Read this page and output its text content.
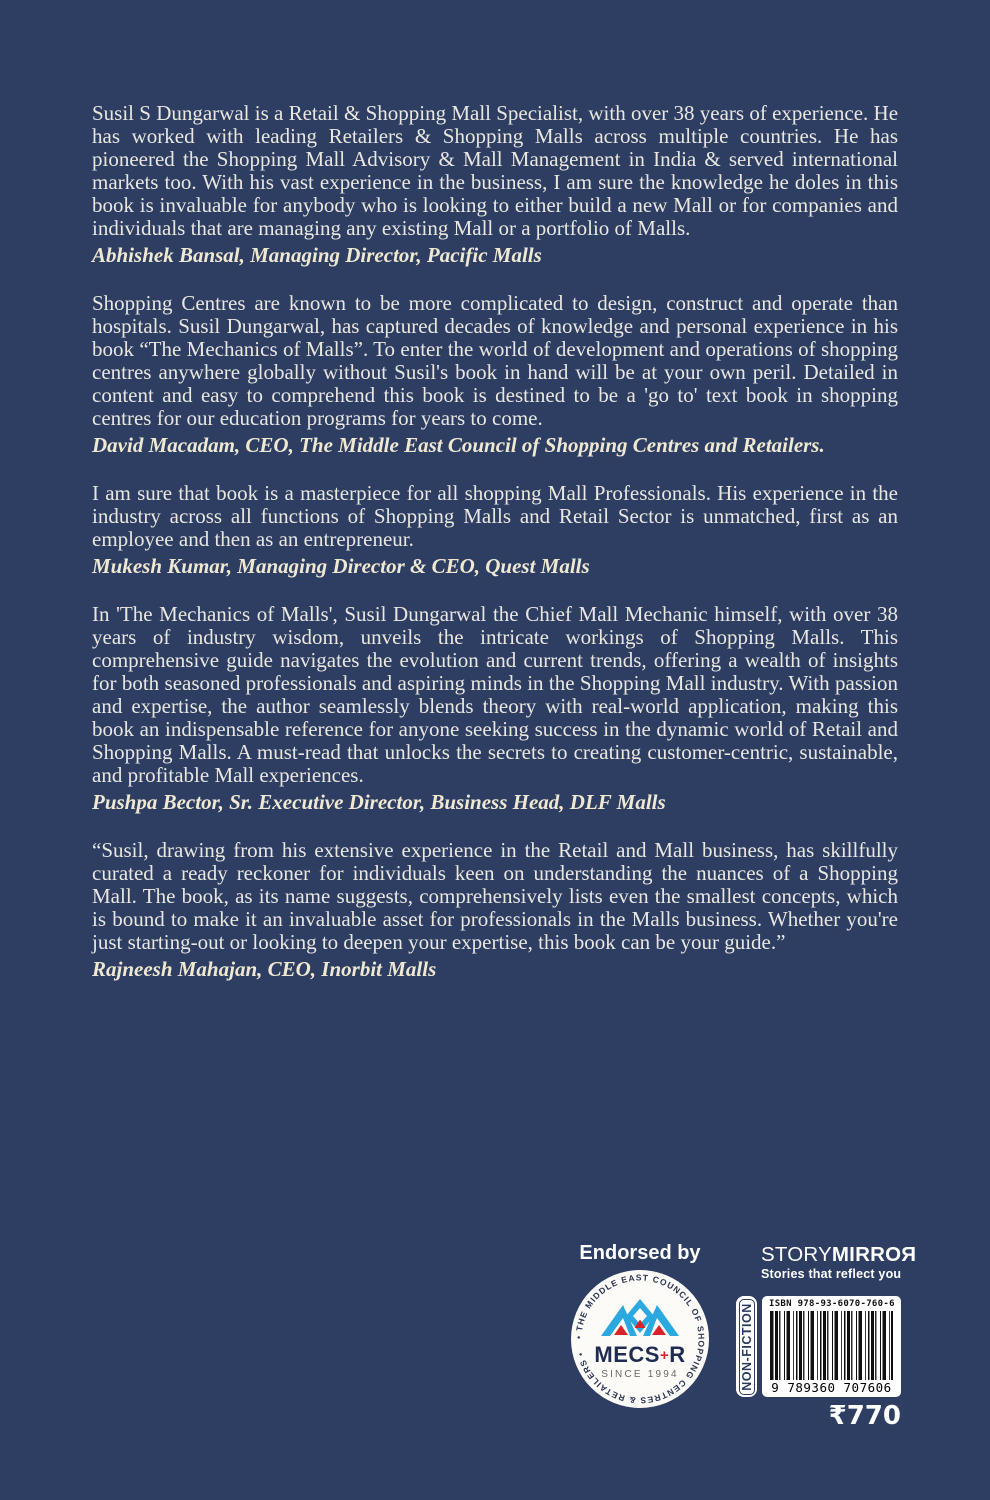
Susil S Dungarwal is a Retail & Shopping Mall Specialist, with over 38 years of experience. He has worked with leading Retailers & Shopping Malls across multiple countries. He has pioneered the Shopping Mall Advisory & Mall Management in India & served international markets too. With his vast experience in the business, I am sure the knowledge he doles in this book is invaluable for anybody who is looking to either build a new Mall or for companies and individuals that are managing any existing Mall or a portfolio of Malls.

Abhishek Bansal, Managing Director, Pacific Malls

Shopping Centres are known to be more complicated to design, construct and operate than hospitals. Susil Dungarwal, has captured decades of knowledge and personal experience in his book “The Mechanics of Malls”. To enter the world of development and operations of shopping centres anywhere globally without Susil's book in hand will be at your own peril. Detailed in content and easy to comprehend this book is destined to be a 'go to' text book in shopping centres for our education programs for years to come.

David Macadam, CEO, The Middle East Council of Shopping Centres and Retailers.

I am sure that book is a masterpiece for all shopping Mall Professionals. His experience in the industry across all functions of Shopping Malls and Retail Sector is unmatched, first as an employee and then as an entrepreneur.

Mukesh Kumar, Managing Director & CEO, Quest Malls

In 'The Mechanics of Malls', Susil Dungarwal the Chief Mall Mechanic himself, with over 38 years of industry wisdom, unveils the intricate workings of Shopping Malls. This comprehensive guide navigates the evolution and current trends, offering a wealth of insights for both seasoned professionals and aspiring minds in the Shopping Mall industry. With passion and expertise, the author seamlessly blends theory with real-world application, making this book an indispensable reference for anyone seeking success in the dynamic world of Retail and Shopping Malls. A must-read that unlocks the secrets to creating customer-centric, sustainable, and profitable Mall experiences.

Pushpa Bector, Sr. Executive Director, Business Head, DLF Malls

“Susil, drawing from his extensive experience in the Retail and Mall business, has skillfully curated a ready reckoner for individuals keen on understanding the nuances of a Shopping Mall. The book, as its name suggests, comprehensively lists even the smallest concepts, which is bound to make it an invaluable asset for professionals in the Malls business. Whether you're just starting-out or looking to deepen your expertise, this book can be your guide.”

Rajneesh Mahajan, CEO, Inorbit Malls

Endorsed by
• THE MIDDLE EAST COUNCIL OF SHOPPING CENTRES & RETAILERS • MECS+R
SINCE 1994
STORYMIRROЯ
Stories that reflect you
NON-FICTION ISBN 978-93-6070-760-6
9 789360 707606
₹770
